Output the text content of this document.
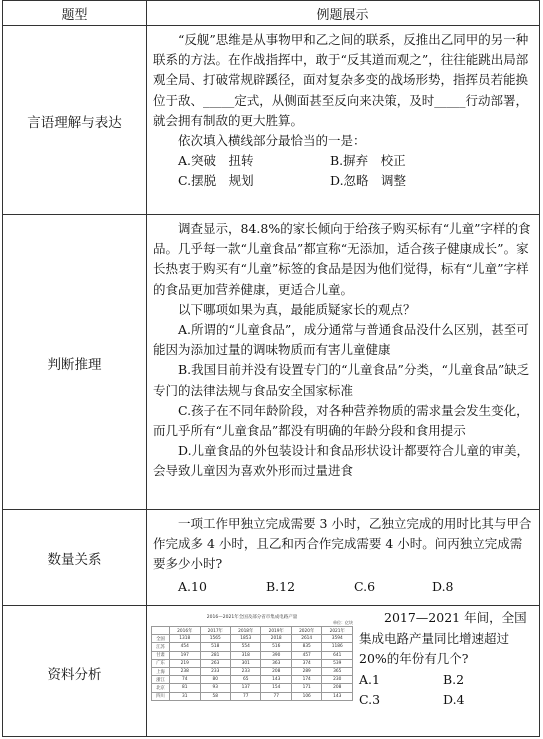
题型	例题展示
言语理解与表达

“反舰”思维是从事物甲和乙之间的联系，反推出乙同甲的另一种联系的方法。在作战指挥中，敢于“反其道而观之”，往往能跳出局部观全局、打破常规辟蹊径，面对复杂多变的战场形势，指挥员若能换位于敌、_____定式，从侧面甚至反向来决策，及时_____行动部署，就会拥有制敌的更大胜算。

依次填入横线部分最恰当的一是：

A.突破　扭转	B.摒弃　校正
C.摆脱　规划	D.忽略　调整
判断推理

调查显示，84.8%的家长倾向于给孩子购买标有“儿童”字样的食品。几乎每一款“儿童食品”都宣称“无添加，适合孩子健康成长”。家长热衷于购买有“儿童”标签的食品是因为他们觉得，标有“儿童”字样的食品更加营养健康，更适合儿童。

以下哪项如果为真，最能质疑家长的观点？

A.所谓的“儿童食品”，成分通常与普通食品没什么区别，甚至可能因为添加过量的调味物质而有害儿童健康

B.我国目前并没有设置专门的“儿童食品”分类，“儿童食品”缺乏专门的法律法规与食品安全国家标准

C.孩子在不同年龄阶段，对各种营养物质的需求量会发生变化，而几乎所有“儿童食品”都没有明确的年龄分段和食用提示

D.儿童食品的外包装设计和食品形状设计都要符合儿童的审美，会导致儿童因为喜欢外形而过量进食

数量关系

一项工作甲独立完成需要 3 小时，乙独立完成的用时比其与甲合作完成多 4 小时，且乙和丙合作完成需要 4 小时。问丙独立完成需要多少小时?

A.10	B.12	C.6	D.8
资料分析
2016—2021年全国及部分省市集成电路产量
单位：亿块
	2016年	2017年	2018年	2019年	2020年	2021年
全国	1318	1565	1853	2018	2614	3594
江苏	454	518	554	516	835	1186
甘肃	197	281	318	390	457	641
广东	219	263	301	363	374	539
上海	238	233	233	208	289	365
浙江	74	80	65	143	174	230
北京	81	93	137	154	171	208
四川	31	58	77	77	106	143

2017—2021 年间，全国集成电路产量同比增速超过 20%的年份有几个?

A.1	B.2
C.3	D.4
